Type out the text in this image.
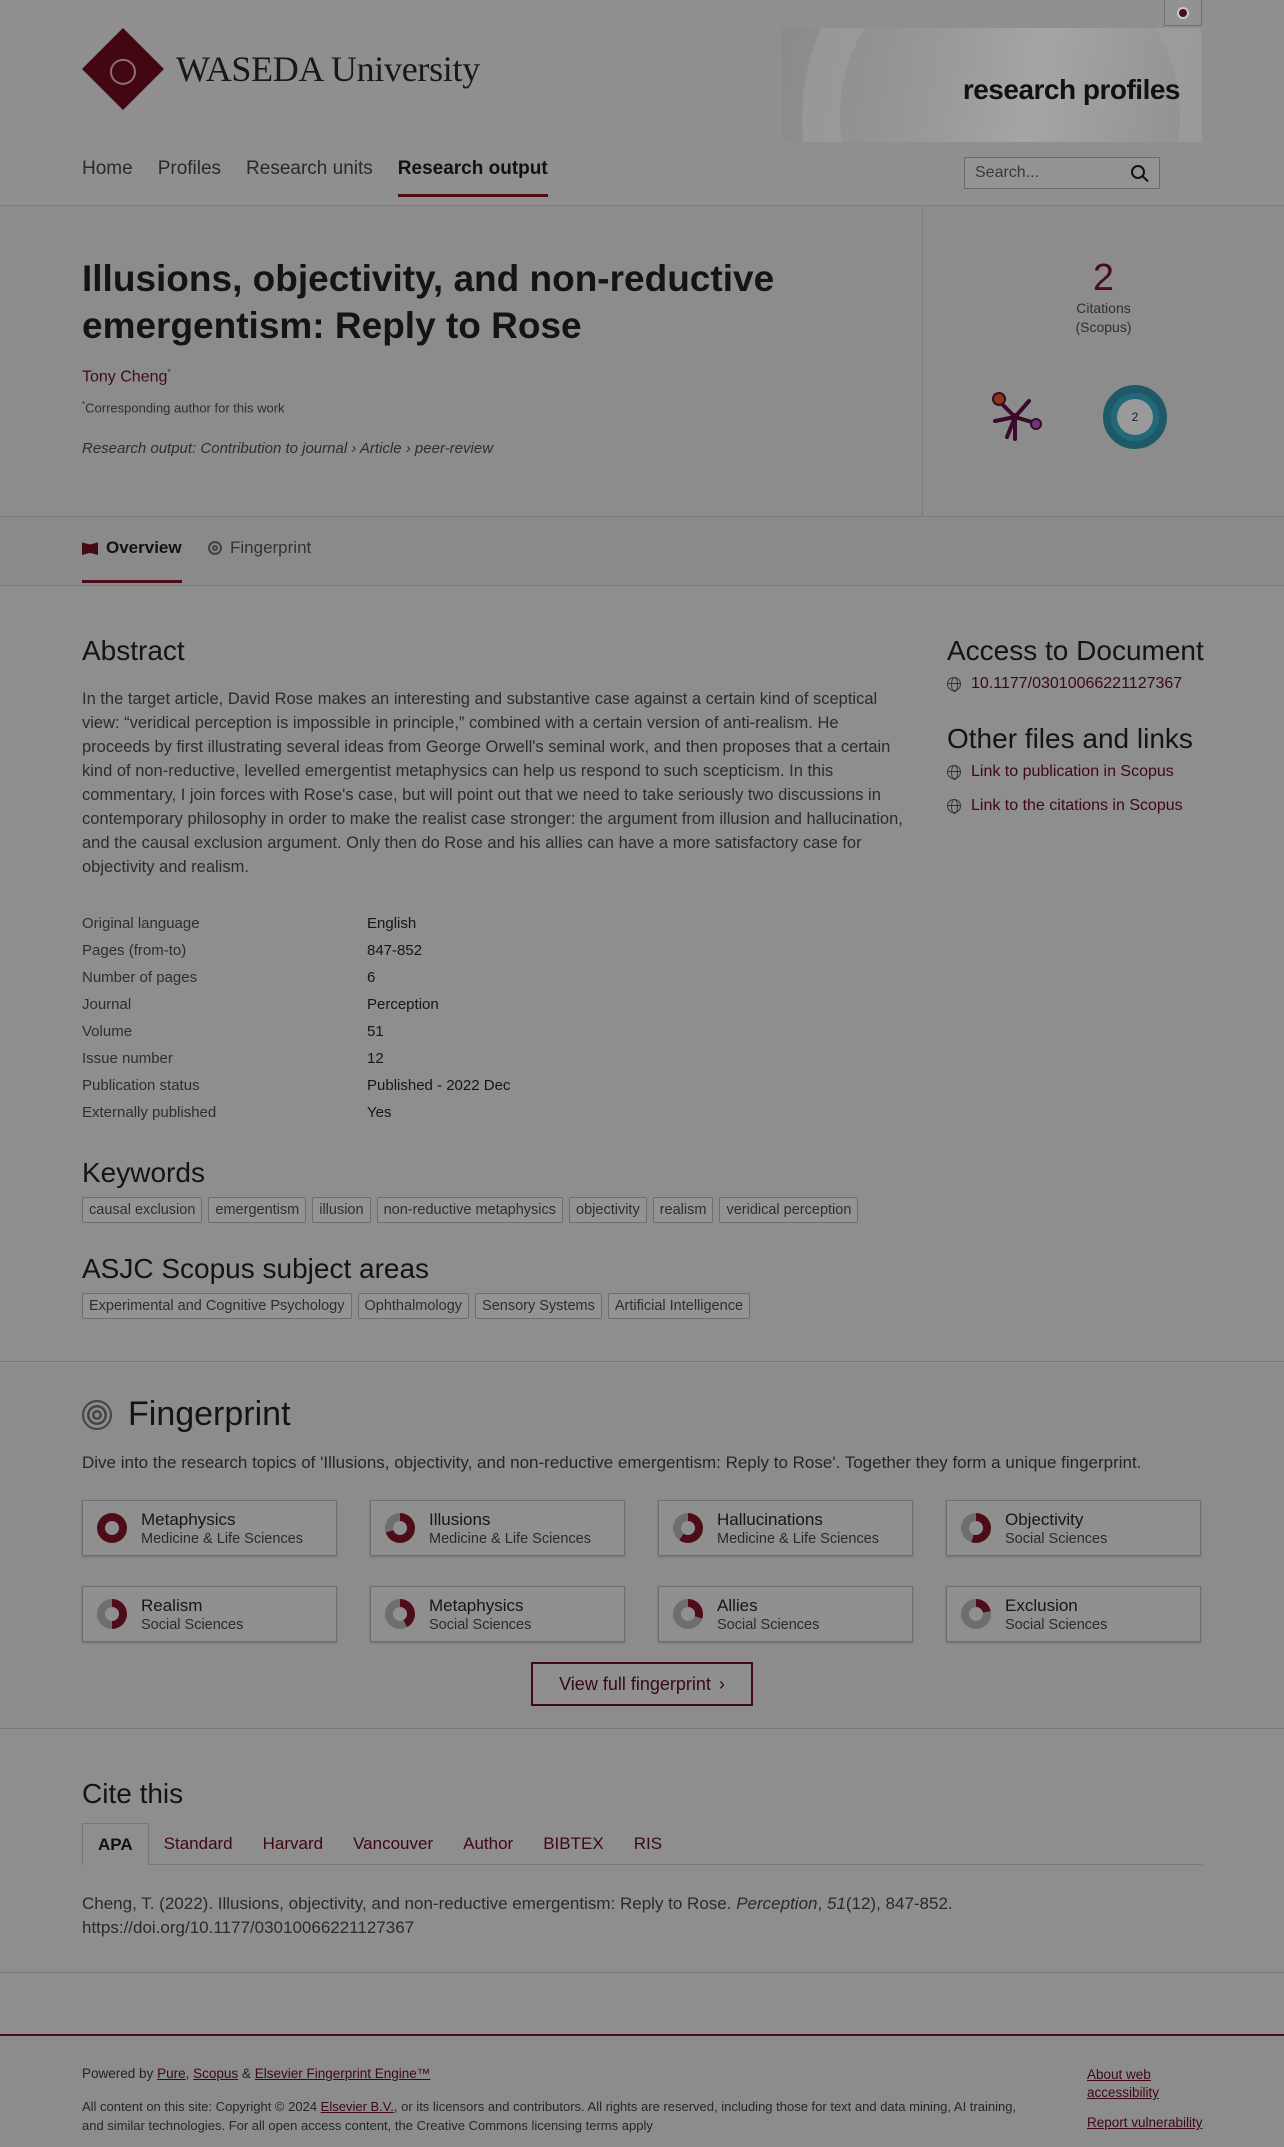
WASEDA University
research profiles
Home Profiles Research units Research output
Search...
Illusions, objectivity, and non-reductive emergentism: Reply to Rose
Tony Cheng*
*Corresponding author for this work
Research output: Contribution to journal › Article › peer-review
2
Citations
(Scopus)
2
Overview	Fingerprint
Abstract

In the target article, David Rose makes an interesting and substantive case against a certain kind of sceptical view: “veridical perception is impossible in principle,” combined with a certain version of anti-realism. He proceeds by first illustrating several ideas from George Orwell's seminal work, and then proposes that a certain kind of non-reductive, levelled emergentist metaphysics can help us respond to such scepticism. In this commentary, I join forces with Rose's case, but will point out that we need to take seriously two discussions in contemporary philosophy in order to make the realist case stronger: the argument from illusion and hallucination, and the causal exclusion argument. Only then do Rose and his allies can have a more satisfactory case for objectivity and realism.

Original language	English
Pages (from-to)	847-852
Number of pages	6
Journal	Perception
Volume	51
Issue number	12
Publication status	Published - 2022 Dec
Externally published	Yes
Keywords
causal exclusion	emergentism	illusion	non-reductive metaphysics	objectivity	realism	veridical perception
ASJC Scopus subject areas
Experimental and Cognitive Psychology	Ophthalmology	Sensory Systems	Artificial Intelligence
Access to Document
10.1177/03010066221127367
Other files and links
Link to publication in Scopus
Link to the citations in Scopus
Fingerprint

Dive into the research topics of 'Illusions, objectivity, and non-reductive emergentism: Reply to Rose'. Together they form a unique fingerprint.

Metaphysics
Medicine & Life Sciences
Illusions
Medicine & Life Sciences
Hallucinations
Medicine & Life Sciences
Objectivity
Social Sciences
Realism
Social Sciences
Metaphysics
Social Sciences
Allies
Social Sciences
Exclusion
Social Sciences
View full fingerprint ›
Cite this
APA	Standard	Harvard	Vancouver	Author	BIBTEX	RIS

Cheng, T. (2022). Illusions, objectivity, and non-reductive emergentism: Reply to Rose. Perception, 51(12), 847-852.
https://doi.org/10.1177/03010066221127367

Powered by Pure, Scopus & Elsevier Fingerprint Engine™
All content on this site: Copyright © 2024 Elsevier B.V., or its licensors and contributors. All rights are reserved, including those for text and data mining, AI training, and similar technologies. For all open access content, the Creative Commons licensing terms apply
About web accessibility
Report vulnerability
